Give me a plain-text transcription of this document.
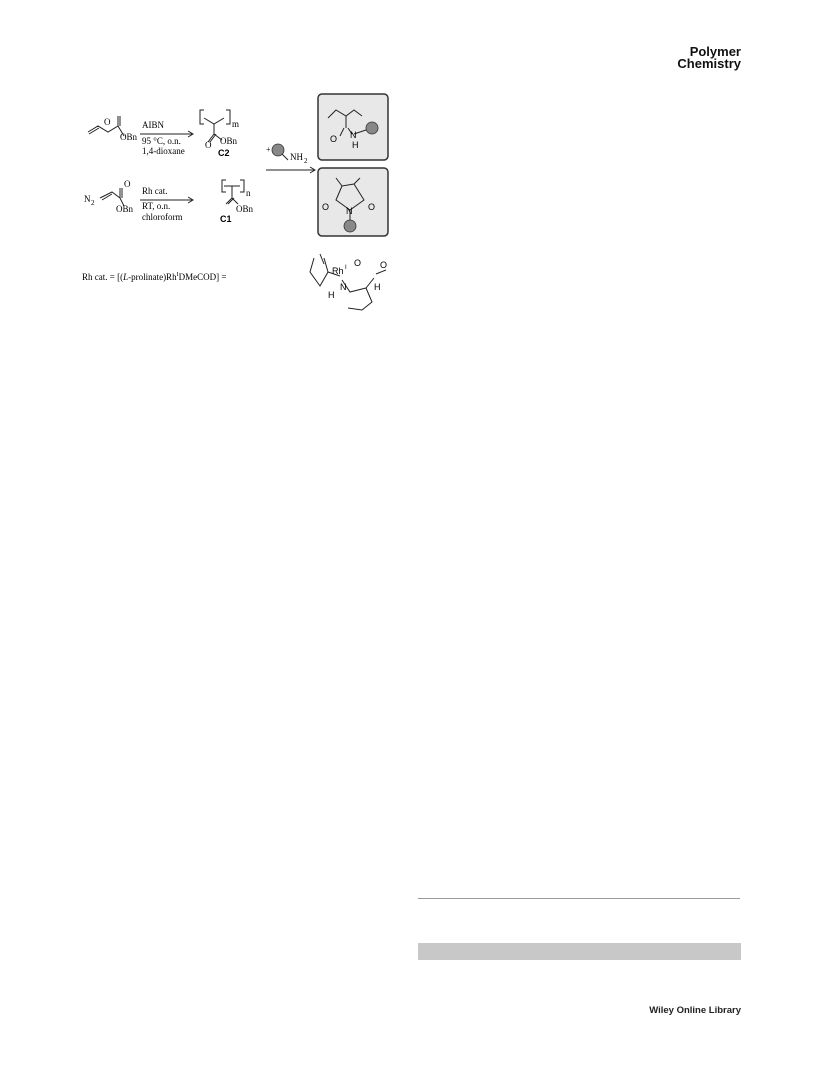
Polymer
Chemistry
O
OBn
AIBN
95 °C, o.n.
1,4-dioxane
m
O OBn
C2	+
NH 2
N 2
O
OBn
Rh cat.
RT, o.n.
chloroform
n
OBn
C1
O N
H
O N O
Rh cat. = $[(L-prolinate)Rh^IDMeCOD]$ =
Rh I O O
N
H
H
Wiley Online Library
